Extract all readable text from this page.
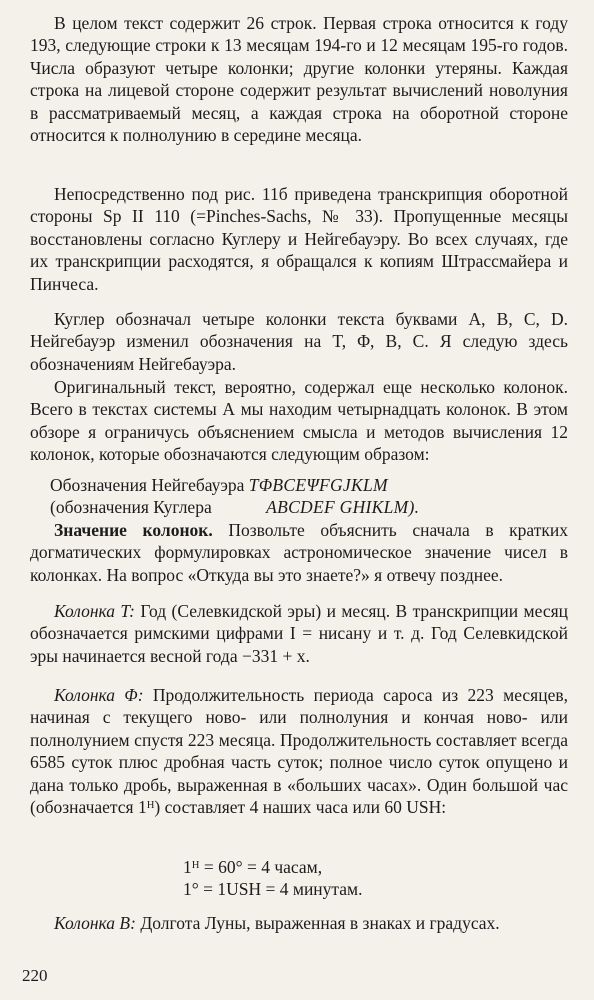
В целом текст содержит 26 строк. Первая строка относится к году 193, следующие строки к 13 месяцам 194-го и 12 месяцам 195-го годов. Числа образуют четыре колонки; другие колонки утеряны. Каждая строка на лицевой стороне содержит результат вычислений новолуния в рассматриваемый месяц, а каждая строка на оборотной стороне относится к полнолунию в середине месяца.

Непосредственно под рис. 11б приведена транскрипция оборотной стороны Sp II 110 (=Pinches-Sachs, № 33). Пропущенные месяцы восстановлены согласно Куглеру и Нейгебауэру. Во всех случаях, где их транскрипции расходятся, я обращался к копиям Штрассмайера и Пинчеса.

Куглер обозначал четыре колонки текста буквами A, B, C, D. Нейгебауэр изменил обозначения на T, Φ, B, C. Я следую здесь обозначениям Нейгебауэра.

Оригинальный текст, вероятно, содержал еще несколько колонок. Всего в текстах системы А мы находим четырнадцать колонок. В этом обзоре я ограничусь объяснением смысла и методов вычисления 12 колонок, которые обозначаются следующим образом:

Обозначения Нейгебауэра TΦBCEΨFGJKLM
(обозначения Куглера	ABCDEF GHIKLM).

Значение колонок. Позвольте объяснить сначала в кратких догматических формулировках астрономическое значение чисел в колонках. На вопрос «Откуда вы это знаете?» я отвечу позднее.

Колонка T: Год (Селевкидской эры) и месяц. В транскрипции месяц обозначается римскими цифрами I = нисану и т. д. Год Селевкидской эры начинается весной года −331 + x.

Колонка Φ: Продолжительность периода сароса из 223 месяцев, начиная с текущего ново- или полнолуния и кончая ново- или полнолунием спустя 223 месяца. Продолжительность составляет всегда 6585 суток плюс дробная часть суток; полное число суток опущено и дана только дробь, выраженная в «больших часах». Один большой час (обозначается 1ᴴ) составляет 4 наших часа или 60 USH:

1ᴴ = 60° = 4 часам,
1° = 1USH = 4 минутам.

Колонка B: Долгота Луны, выраженная в знаках и градусах.

220
